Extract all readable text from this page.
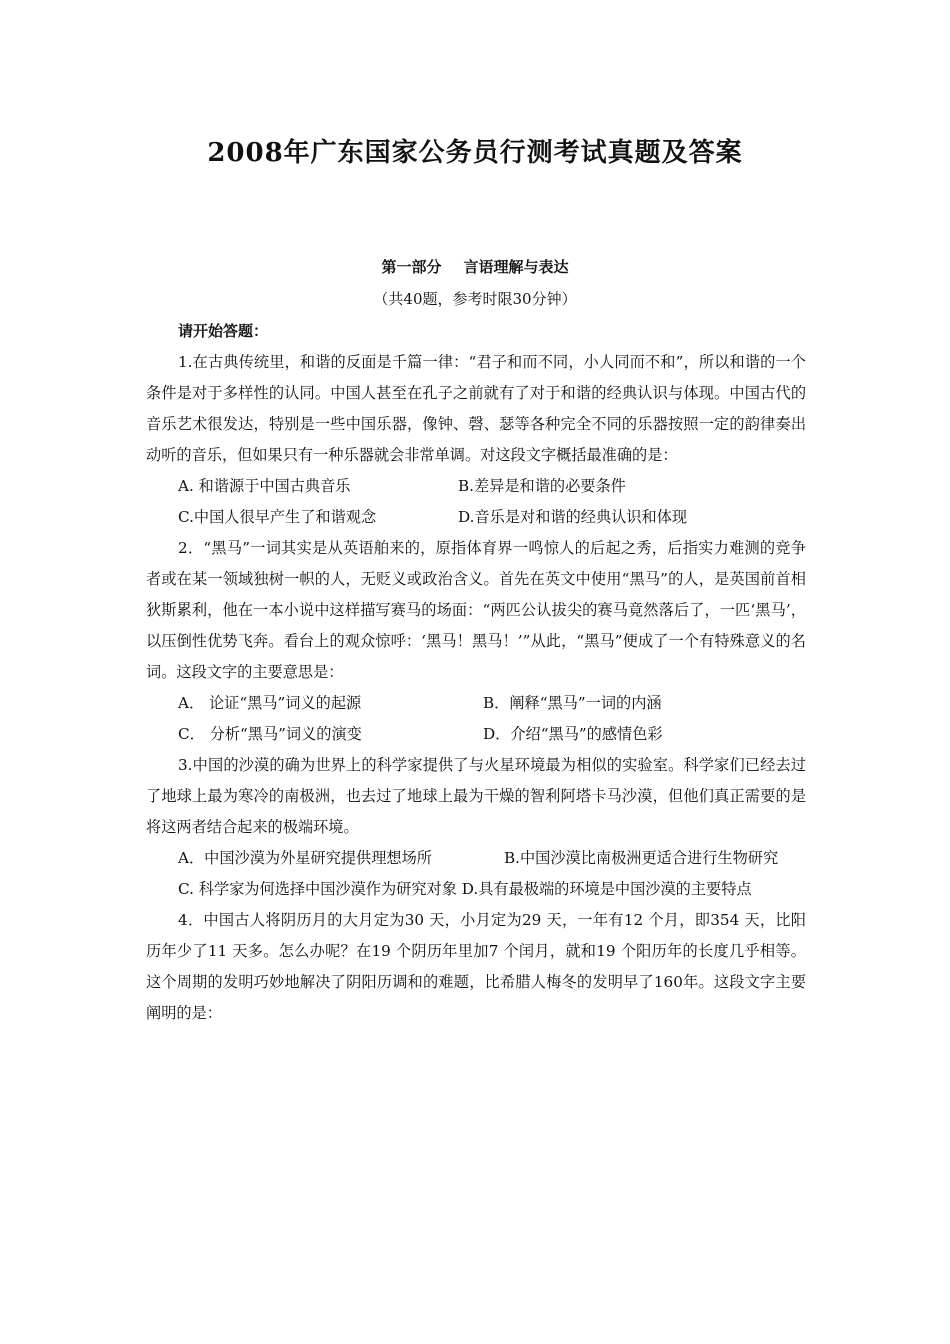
2008年广东国家公务员行测考试真题及答案
第一部分 言语理解与表达
（共40题，参考时限30分钟）
请开始答题：

1.在古典传统里，和谐的反面是千篇一律：“君子和而不同，小人同而不和”，所以和谐的一个条件是对于多样性的认同。中国人甚至在孔子之前就有了对于和谐的经典认识与体现。中国古代的音乐艺术很发达，特别是一些中国乐器，像钟、磬、瑟等各种完全不同的乐器按照一定的韵律奏出动听的音乐，但如果只有一种乐器就会非常单调。对这段文字概括最准确的是：

A. 和谐源于中国古典音乐	B.差异是和谐的必要条件
C.中国人很早产生了和谐观念	D.音乐是对和谐的经典认识和体现

2．“黑马”一词其实是从英语舶来的，原指体育界一鸣惊人的后起之秀，后指实力难测的竞争者或在某一领域独树一帜的人，无贬义或政治含义。首先在英文中使用“黑马”的人，是英国前首相狄斯累利，他在一本小说中这样描写赛马的场面：“两匹公认拔尖的赛马竟然落后了，一匹‘黑马’，以压倒性优势飞奔。看台上的观众惊呼：‘黑马！黑马！’”从此，“黑马”便成了一个有特殊意义的名词。这段文字的主要意思是：

A． 论证“黑马”词义的起源	B．阐释“黑马”一词的内涵
C． 分析“黑马”词义的演变	D．介绍“黑马”的感情色彩

3.中国的沙漠的确为世界上的科学家提供了与火星环境最为相似的实验室。科学家们已经去过了地球上最为寒冷的南极洲，也去过了地球上最为干燥的智利阿塔卡马沙漠，但他们真正需要的是将这两者结合起来的极端环境。

A．中国沙漠为外星研究提供理想场所	B.中国沙漠比南极洲更适合进行生物研究

C. 科学家为何选择中国沙漠作为研究对象 D.具有最极端的环境是中国沙漠的主要特点

4．中国古人将阴历月的大月定为30 天，小月定为29 天，一年有12 个月，即354 天，比阳历年少了11 天多。怎么办呢？在19 个阴历年里加7 个闰月，就和19 个阳历年的长度几乎相等。这个周期的发明巧妙地解决了阴阳历调和的难题，比希腊人梅冬的发明早了160年。这段文字主要阐明的是：
